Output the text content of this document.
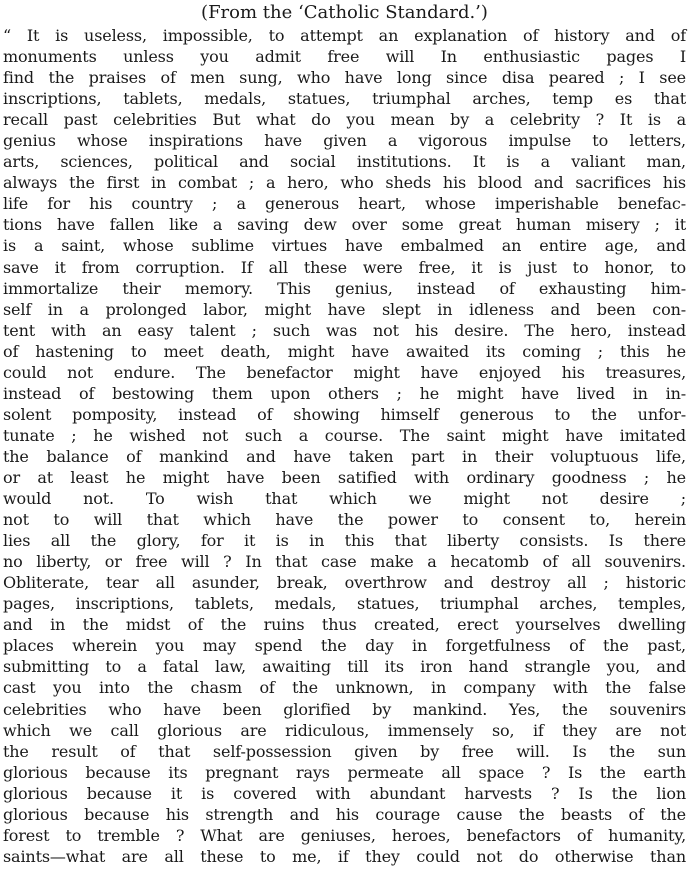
(From the ‘Catholic Standard.’)
“ It is useless, impossible, to attempt an explanation of history and of
monuments unless you admit free will In enthusiastic pages I
find the praises of men sung, who have long since disa peared ; I see
inscriptions, tablets, medals, statues, triumphal arches, temp es that
recall past celebrities But what do you mean by a celebrity ? It is a
genius whose inspirations have given a vigorous impulse to letters,
arts, sciences, political and social institutions. It is a valiant man,
always the first in combat ; a hero, who sheds his blood and sacrifices his
life for his country ; a generous heart, whose imperishable benefac-
tions have fallen like a saving dew over some great human misery ; it
is a saint, whose sublime virtues have embalmed an entire age, and
save it from corruption. If all these were free, it is just to honor, to
immortalize their memory. This genius, instead of exhausting him-
self in a prolonged labor, might have slept in idleness and been con-
tent with an easy talent ; such was not his desire. The hero, instead
of hastening to meet death, might have awaited its coming ; this he
could not endure. The benefactor might have enjoyed his treasures,
instead of bestowing them upon others ; he might have lived in in-
solent pomposity, instead of showing himself generous to the unfor-
tunate ; he wished not such a course. The saint might have imitated
the balance of mankind and have taken part in their voluptuous life,
or at least he might have been satified with ordinary goodness ; he
would not. To wish that which we might not desire ;
not to will that which have the power to consent to, herein
lies all the glory, for it is in this that liberty consists. Is there
no liberty, or free will ? In that case make a hecatomb of all souvenirs.
Obliterate, tear all asunder, break, overthrow and destroy all ; historic
pages, inscriptions, tablets, medals, statues, triumphal arches, temples,
and in the midst of the ruins thus created, erect yourselves dwelling
places wherein you may spend the day in forgetfulness of the past,
submitting to a fatal law, awaiting till its iron hand strangle you, and
cast you into the chasm of the unknown, in company with the false
celebrities who have been glorified by mankind. Yes, the souvenirs
which we call glorious are ridiculous, immensely so, if they are not
the result of that self-possession given by free will. Is the sun
glorious because its pregnant rays permeate all space ? Is the earth
glorious because it is covered with abundant harvests ? Is the lion
glorious because his strength and his courage cause the beasts of the
forest to tremble ? What are geniuses, heroes, benefactors of humanity,
saints—what are all these to me, if they could not do otherwise than
